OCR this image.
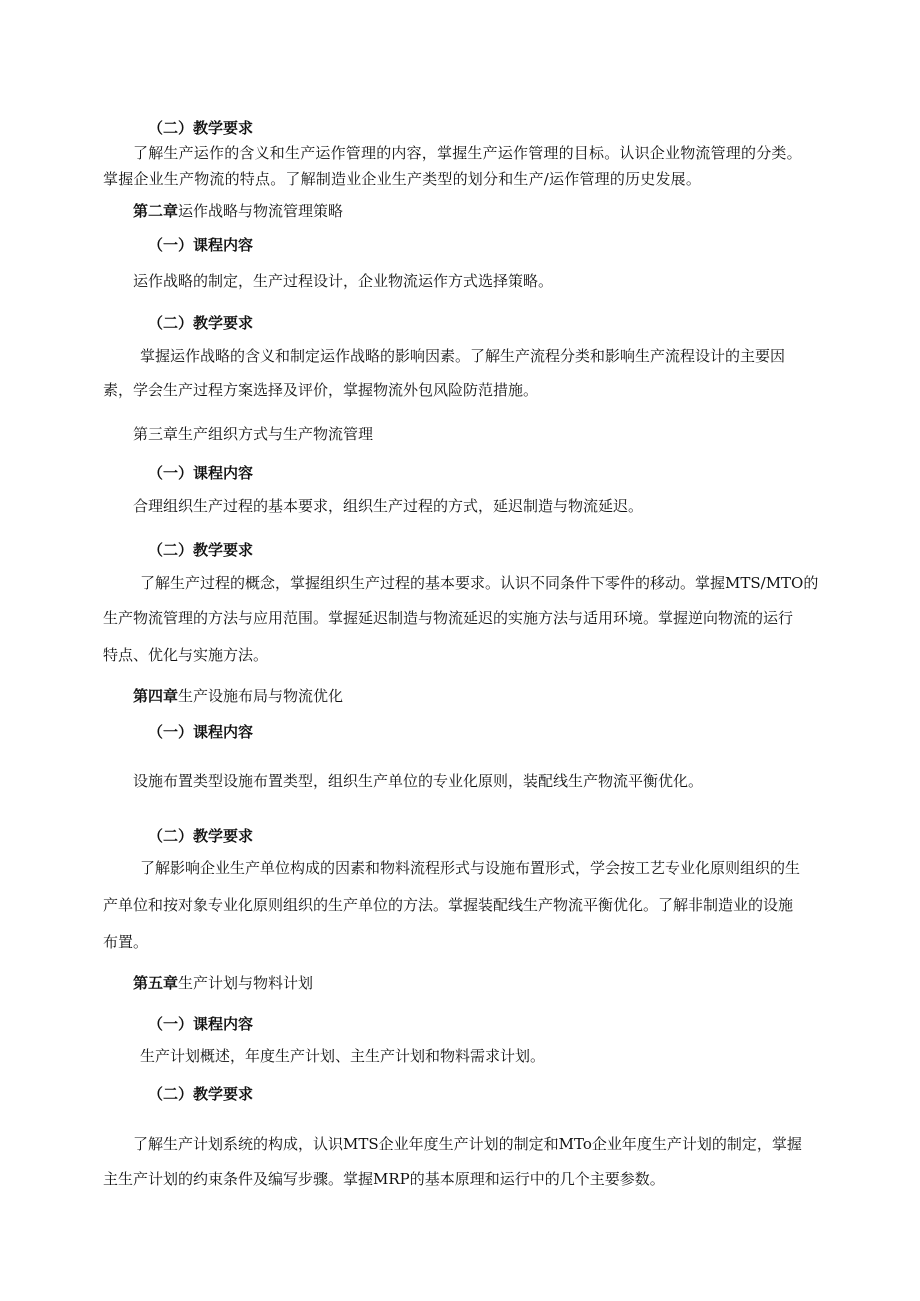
（二）教学要求
了解生产运作的含义和生产运作管理的内容，掌握生产运作管理的目标。认识企业物流管理的分类。
掌握企业生产物流的特点。了解制造业企业生产类型的划分和生产/运作管理的历史发展。
第二章运作战略与物流管理策略
（一）课程内容
运作战略的制定，生产过程设计，企业物流运作方式选择策略。
（二）教学要求
掌握运作战略的含义和制定运作战略的影响因素。了解生产流程分类和影响生产流程设计的主要因
素，学会生产过程方案选择及评价，掌握物流外包风险防范措施。
第三章生产组织方式与生产物流管理
（一）课程内容
合理组织生产过程的基本要求，组织生产过程的方式，延迟制造与物流延迟。
（二）教学要求
了解生产过程的概念，掌握组织生产过程的基本要求。认识不同条件下零件的移动。掌握MTS/MTO的
生产物流管理的方法与应用范围。掌握延迟制造与物流延迟的实施方法与适用环境。掌握逆向物流的运行
特点、优化与实施方法。
第四章生产设施布局与物流优化
（一）课程内容
设施布置类型设施布置类型，组织生产单位的专业化原则，装配线生产物流平衡优化。
（二）教学要求
了解影响企业生产单位构成的因素和物料流程形式与设施布置形式，学会按工艺专业化原则组织的生
产单位和按对象专业化原则组织的生产单位的方法。掌握装配线生产物流平衡优化。了解非制造业的设施
布置。
第五章生产计划与物料计划
（一）课程内容
生产计划概述，年度生产计划、主生产计划和物料需求计划。
（二）教学要求
了解生产计划系统的构成，认识MTS企业年度生产计划的制定和MTo企业年度生产计划的制定，掌握
主生产计划的约束条件及编写步骤。掌握MRP的基本原理和运行中的几个主要参数。
